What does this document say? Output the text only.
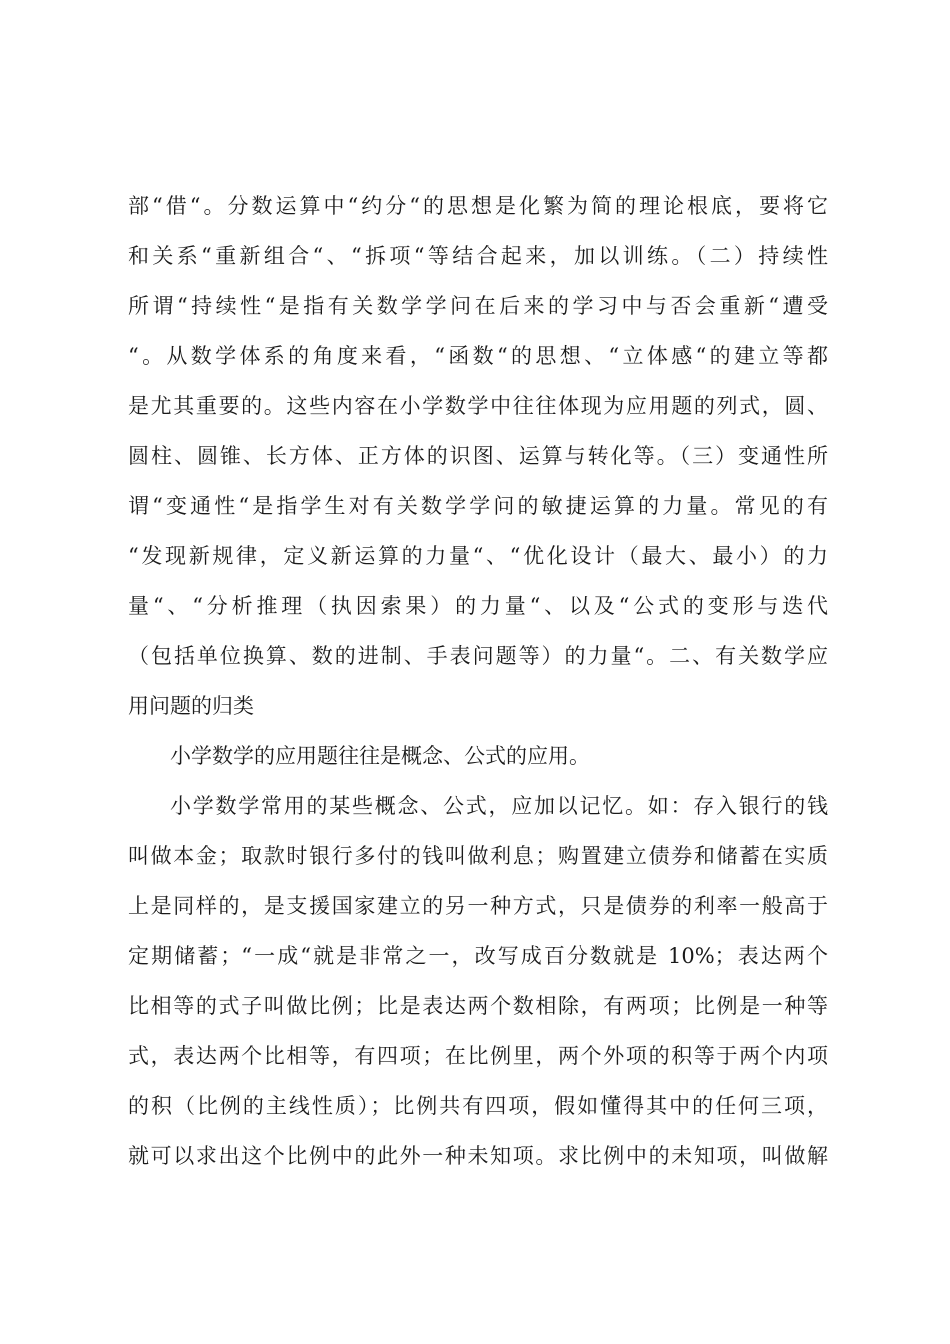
部“借“。分数运算中“约分“的思想是化繁为简的理论根底，要将它
和关系“重新组合“、“拆项“等结合起来，加以训练。（二）持续性
所谓“持续性“是指有关数学学问在后来的学习中与否会重新“遭受
“。从数学体系的角度来看，“函数“的思想、“立体感“的建立等都
是尤其重要的。这些内容在小学数学中往往体现为应用题的列式，圆、
圆柱、圆锥、长方体、正方体的识图、运算与转化等。（三）变通性所
谓“变通性“是指学生对有关数学学问的敏捷运算的力量。常见的有
“发现新规律，定义新运算的力量“、“优化设计（最大、最小）的力
量“、“分析推理（执因索果）的力量“、以及“公式的变形与迭代
（包括单位换算、数的进制、手表问题等）的力量“。二、有关数学应
用问题的归类
小学数学的应用题往往是概念、公式的应用。
小学数学常用的某些概念、公式，应加以记忆。如：存入银行的钱
叫做本金；取款时银行多付的钱叫做利息；购置建立债券和储蓄在实质
上是同样的，是支援国家建立的另一种方式，只是债券的利率一般高于
定期储蓄；“一成“就是非常之一，改写成百分数就是 10%；表达两个
比相等的式子叫做比例；比是表达两个数相除，有两项；比例是一种等
式，表达两个比相等，有四项；在比例里，两个外项的积等于两个内项
的积（比例的主线性质）；比例共有四项，假如懂得其中的任何三项，
就可以求出这个比例中的此外一种未知项。求比例中的未知项，叫做解
